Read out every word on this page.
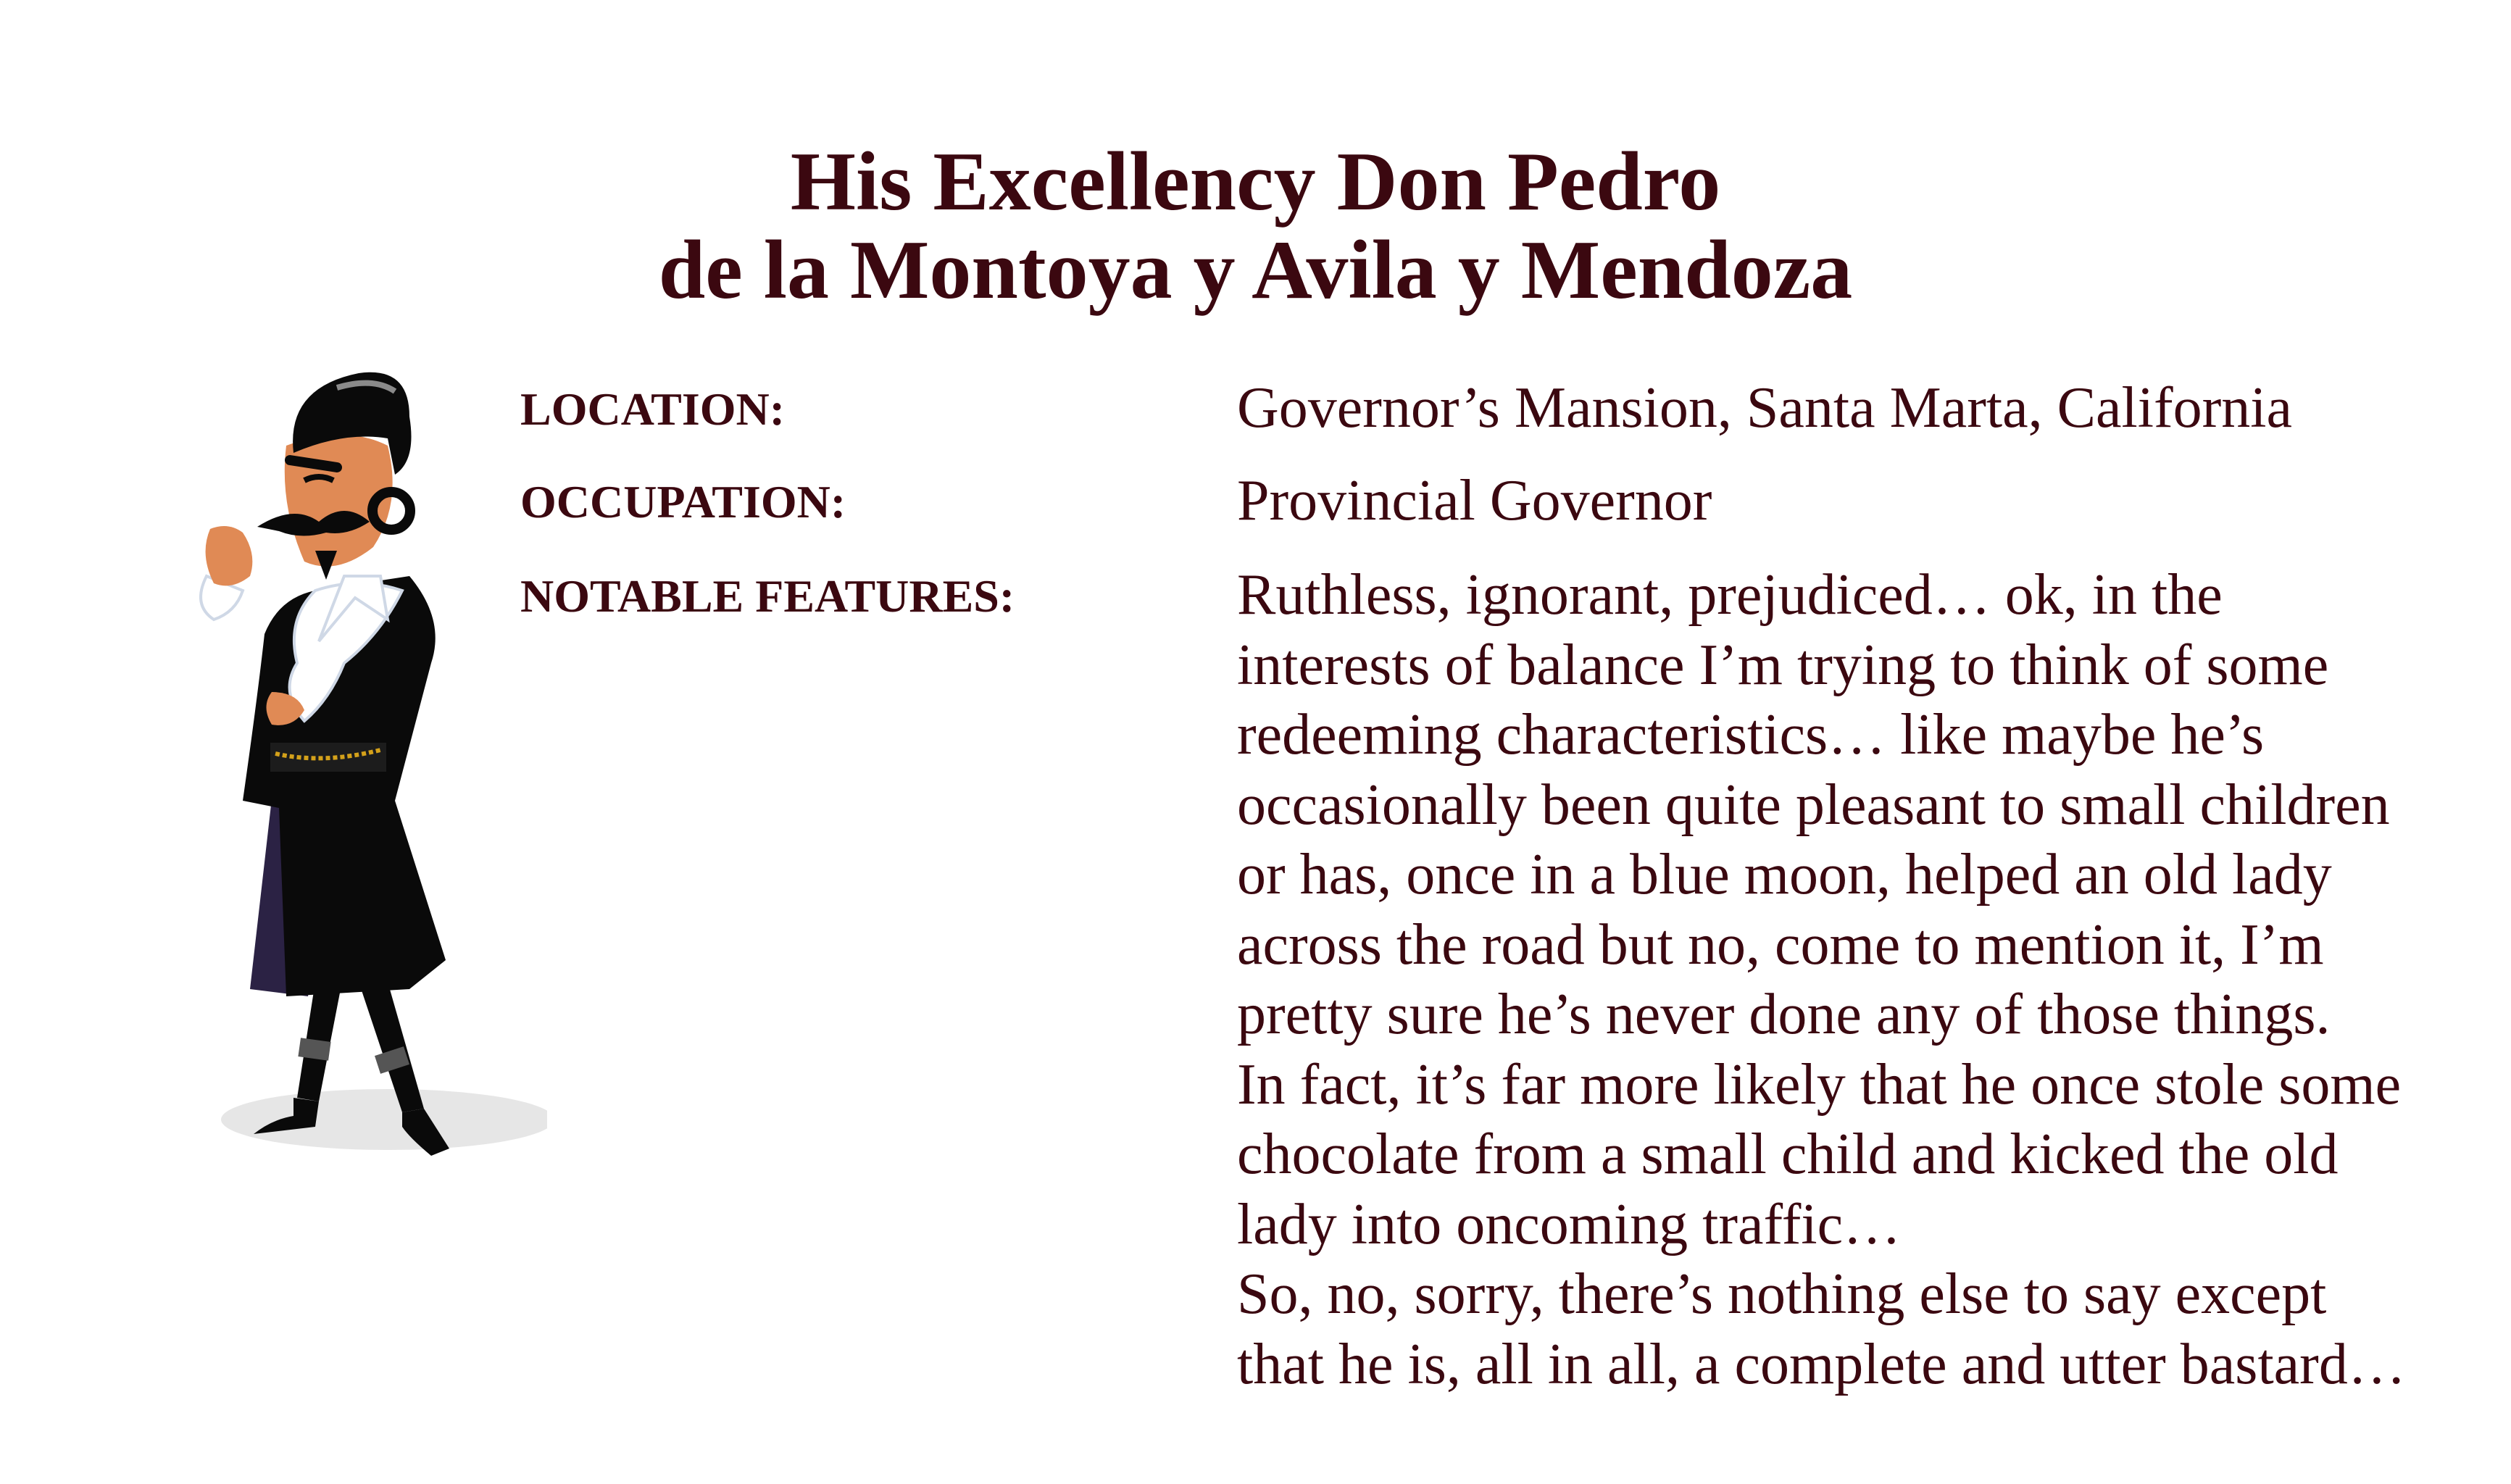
His Excellency Don Pedro
de la Montoya y Avila y Mendoza
LOCATION:	Governor’s Mansion, Santa Marta, California
OCCUPATION:	Provincial Governor
NOTABLE FEATURES:	Ruthless, ignorant, prejudiced… ok, in the
interests of balance I’m trying to think of some
redeeming characteristics… like maybe he’s
occasionally been quite pleasant to small children
or has, once in a blue moon, helped an old lady
across the road but no, come to mention it, I’m
pretty sure he’s never done any of those things.
In fact, it’s far more likely that he once stole some
chocolate from a small child and kicked the old
lady into oncoming traffic…
So, no, sorry, there’s nothing else to say except
that he is, all in all, a complete and utter bastard…
